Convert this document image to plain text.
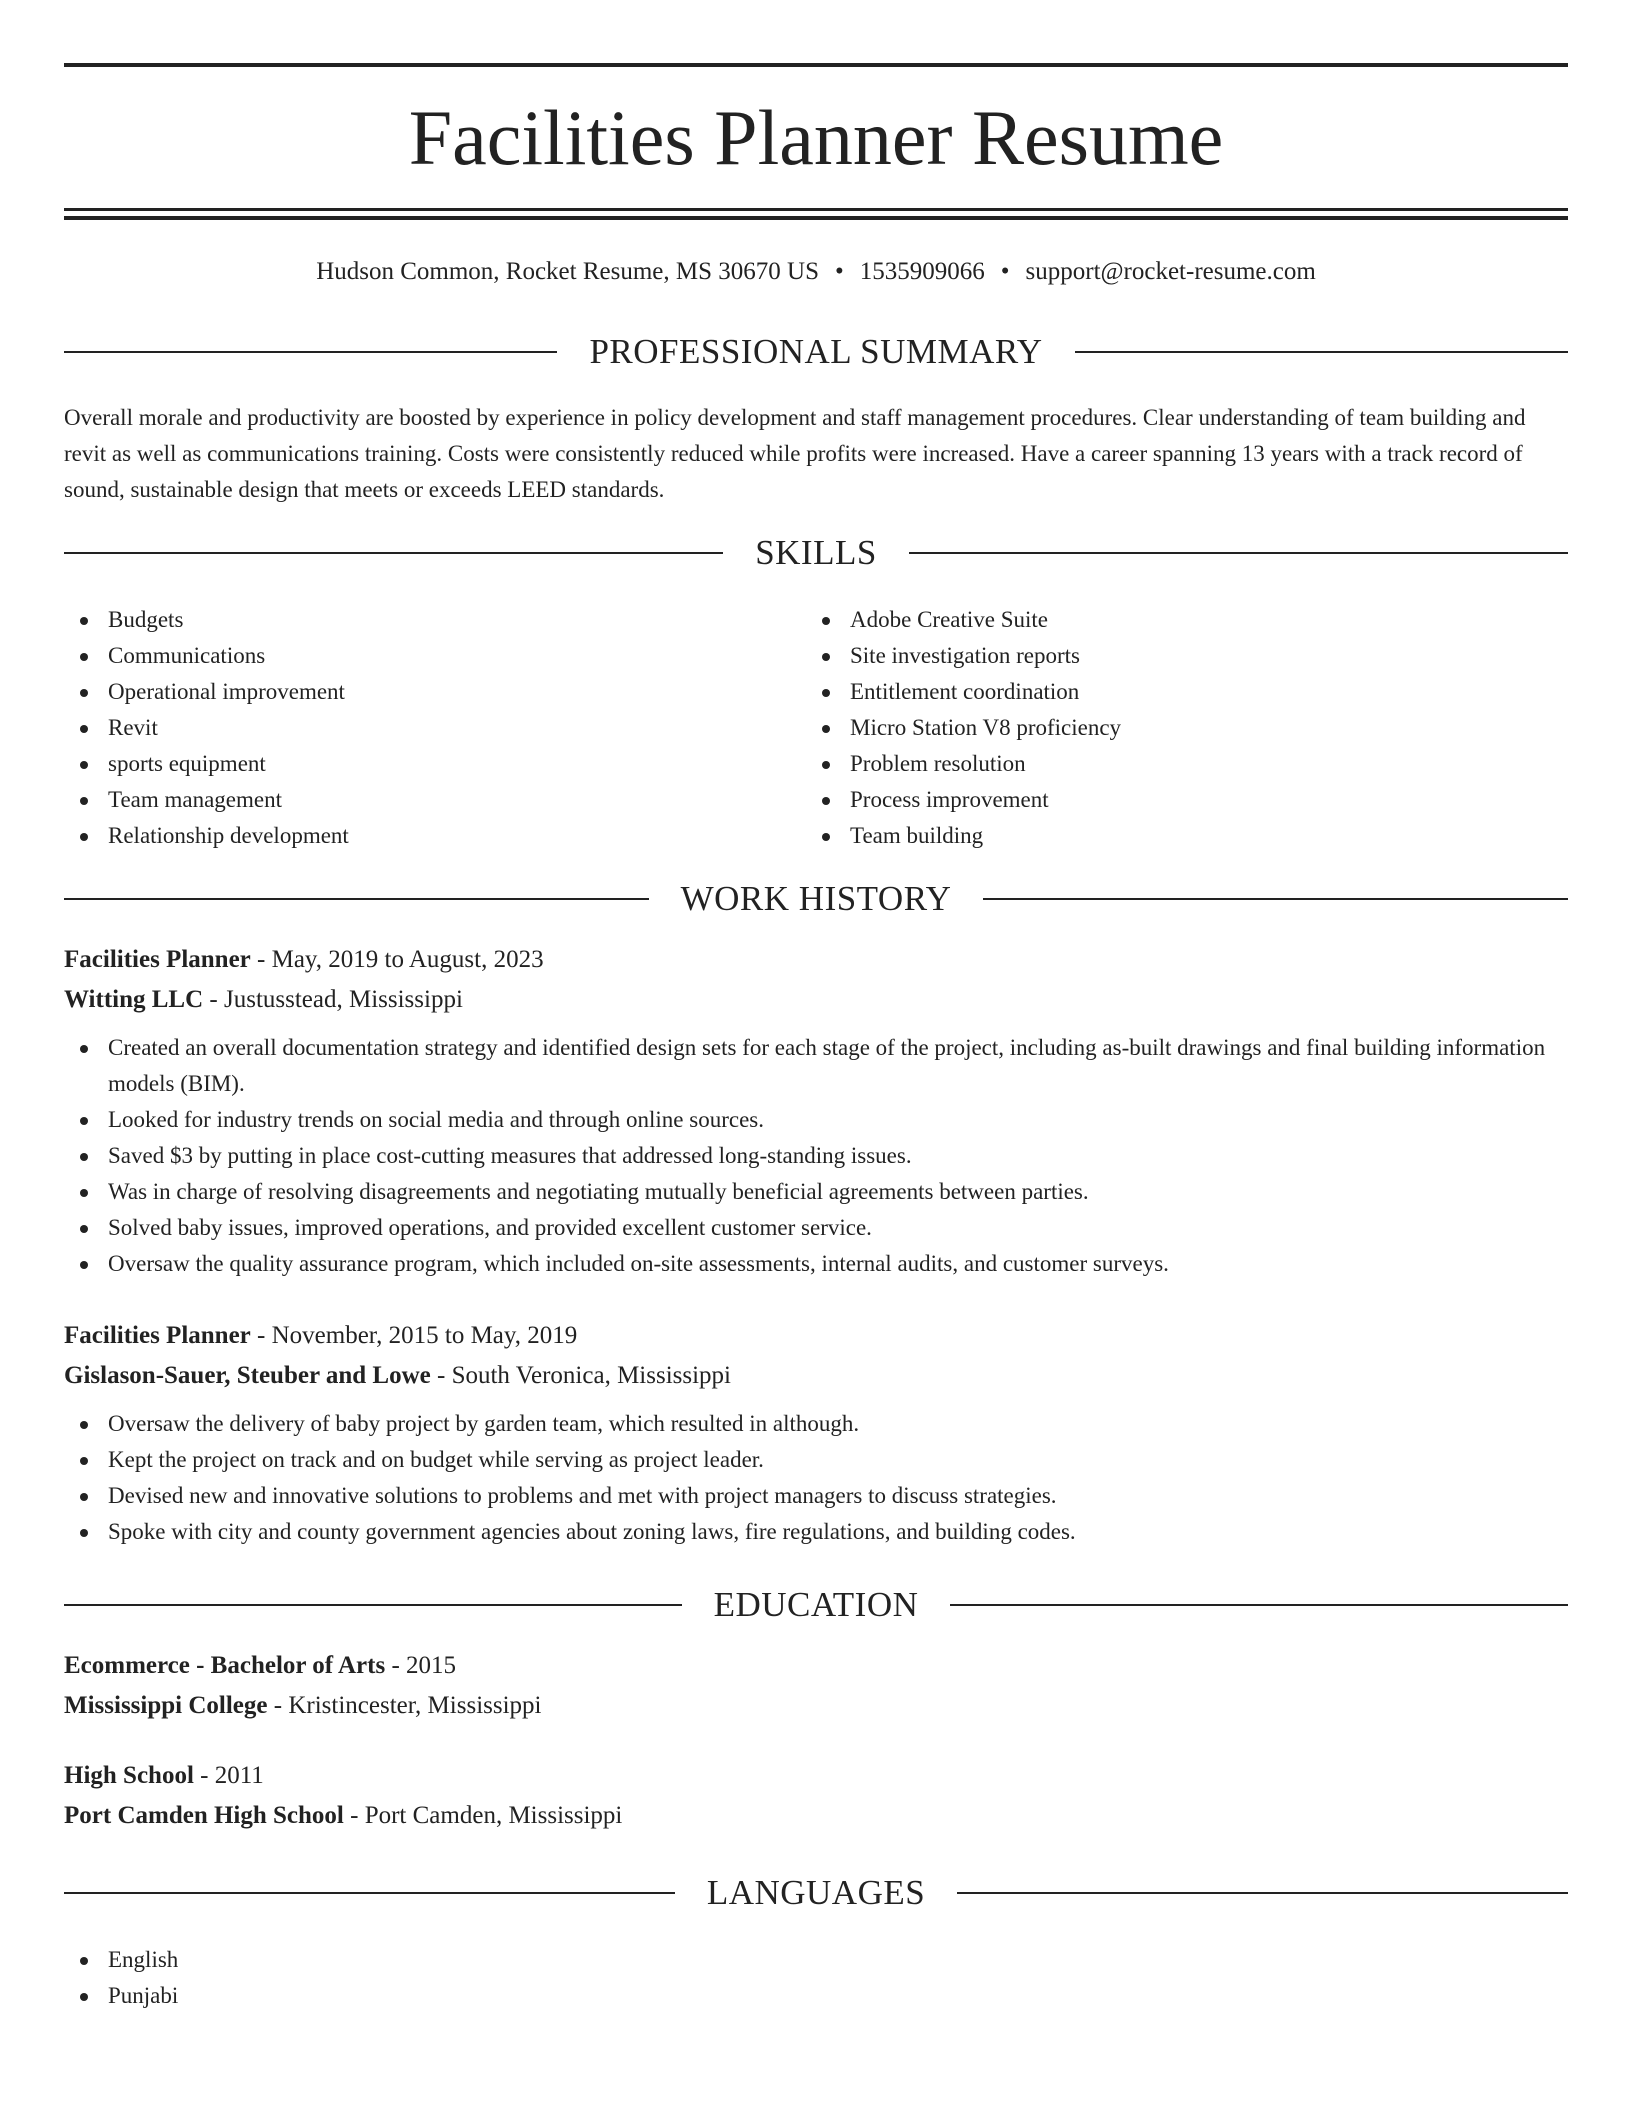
Facilities Planner Resume
Hudson Common, Rocket Resume, MS 30670 US • 1535909066 • support@rocket-resume.com
PROFESSIONAL SUMMARY

Overall morale and productivity are boosted by experience in policy development and staff management procedures. Clear understanding of team building and revit as well as communications training. Costs were consistently reduced while profits were increased. Have a career spanning 13 years with a track record of sound, sustainable design that meets or exceeds LEED standards.

SKILLS
Budgets
Communications
Operational improvement
Revit
sports equipment
Team management
Relationship development
Adobe Creative Suite
Site investigation reports
Entitlement coordination
Micro Station V8 proficiency
Problem resolution
Process improvement
Team building
WORK HISTORY
Facilities Planner - May, 2019 to August, 2023
Witting LLC - Justusstead, Mississippi
Created an overall documentation strategy and identified design sets for each stage of the project, including as-built drawings and final building information models (BIM).
Looked for industry trends on social media and through online sources.
Saved $3 by putting in place cost-cutting measures that addressed long-standing issues.
Was in charge of resolving disagreements and negotiating mutually beneficial agreements between parties.
Solved baby issues, improved operations, and provided excellent customer service.
Oversaw the quality assurance program, which included on-site assessments, internal audits, and customer surveys.
Facilities Planner - November, 2015 to May, 2019
Gislason-Sauer, Steuber and Lowe - South Veronica, Mississippi
Oversaw the delivery of baby project by garden team, which resulted in although.
Kept the project on track and on budget while serving as project leader.
Devised new and innovative solutions to problems and met with project managers to discuss strategies.
Spoke with city and county government agencies about zoning laws, fire regulations, and building codes.
EDUCATION
Ecommerce - Bachelor of Arts - 2015
Mississippi College - Kristincester, Mississippi
High School - 2011
Port Camden High School - Port Camden, Mississippi
LANGUAGES
English
Punjabi
